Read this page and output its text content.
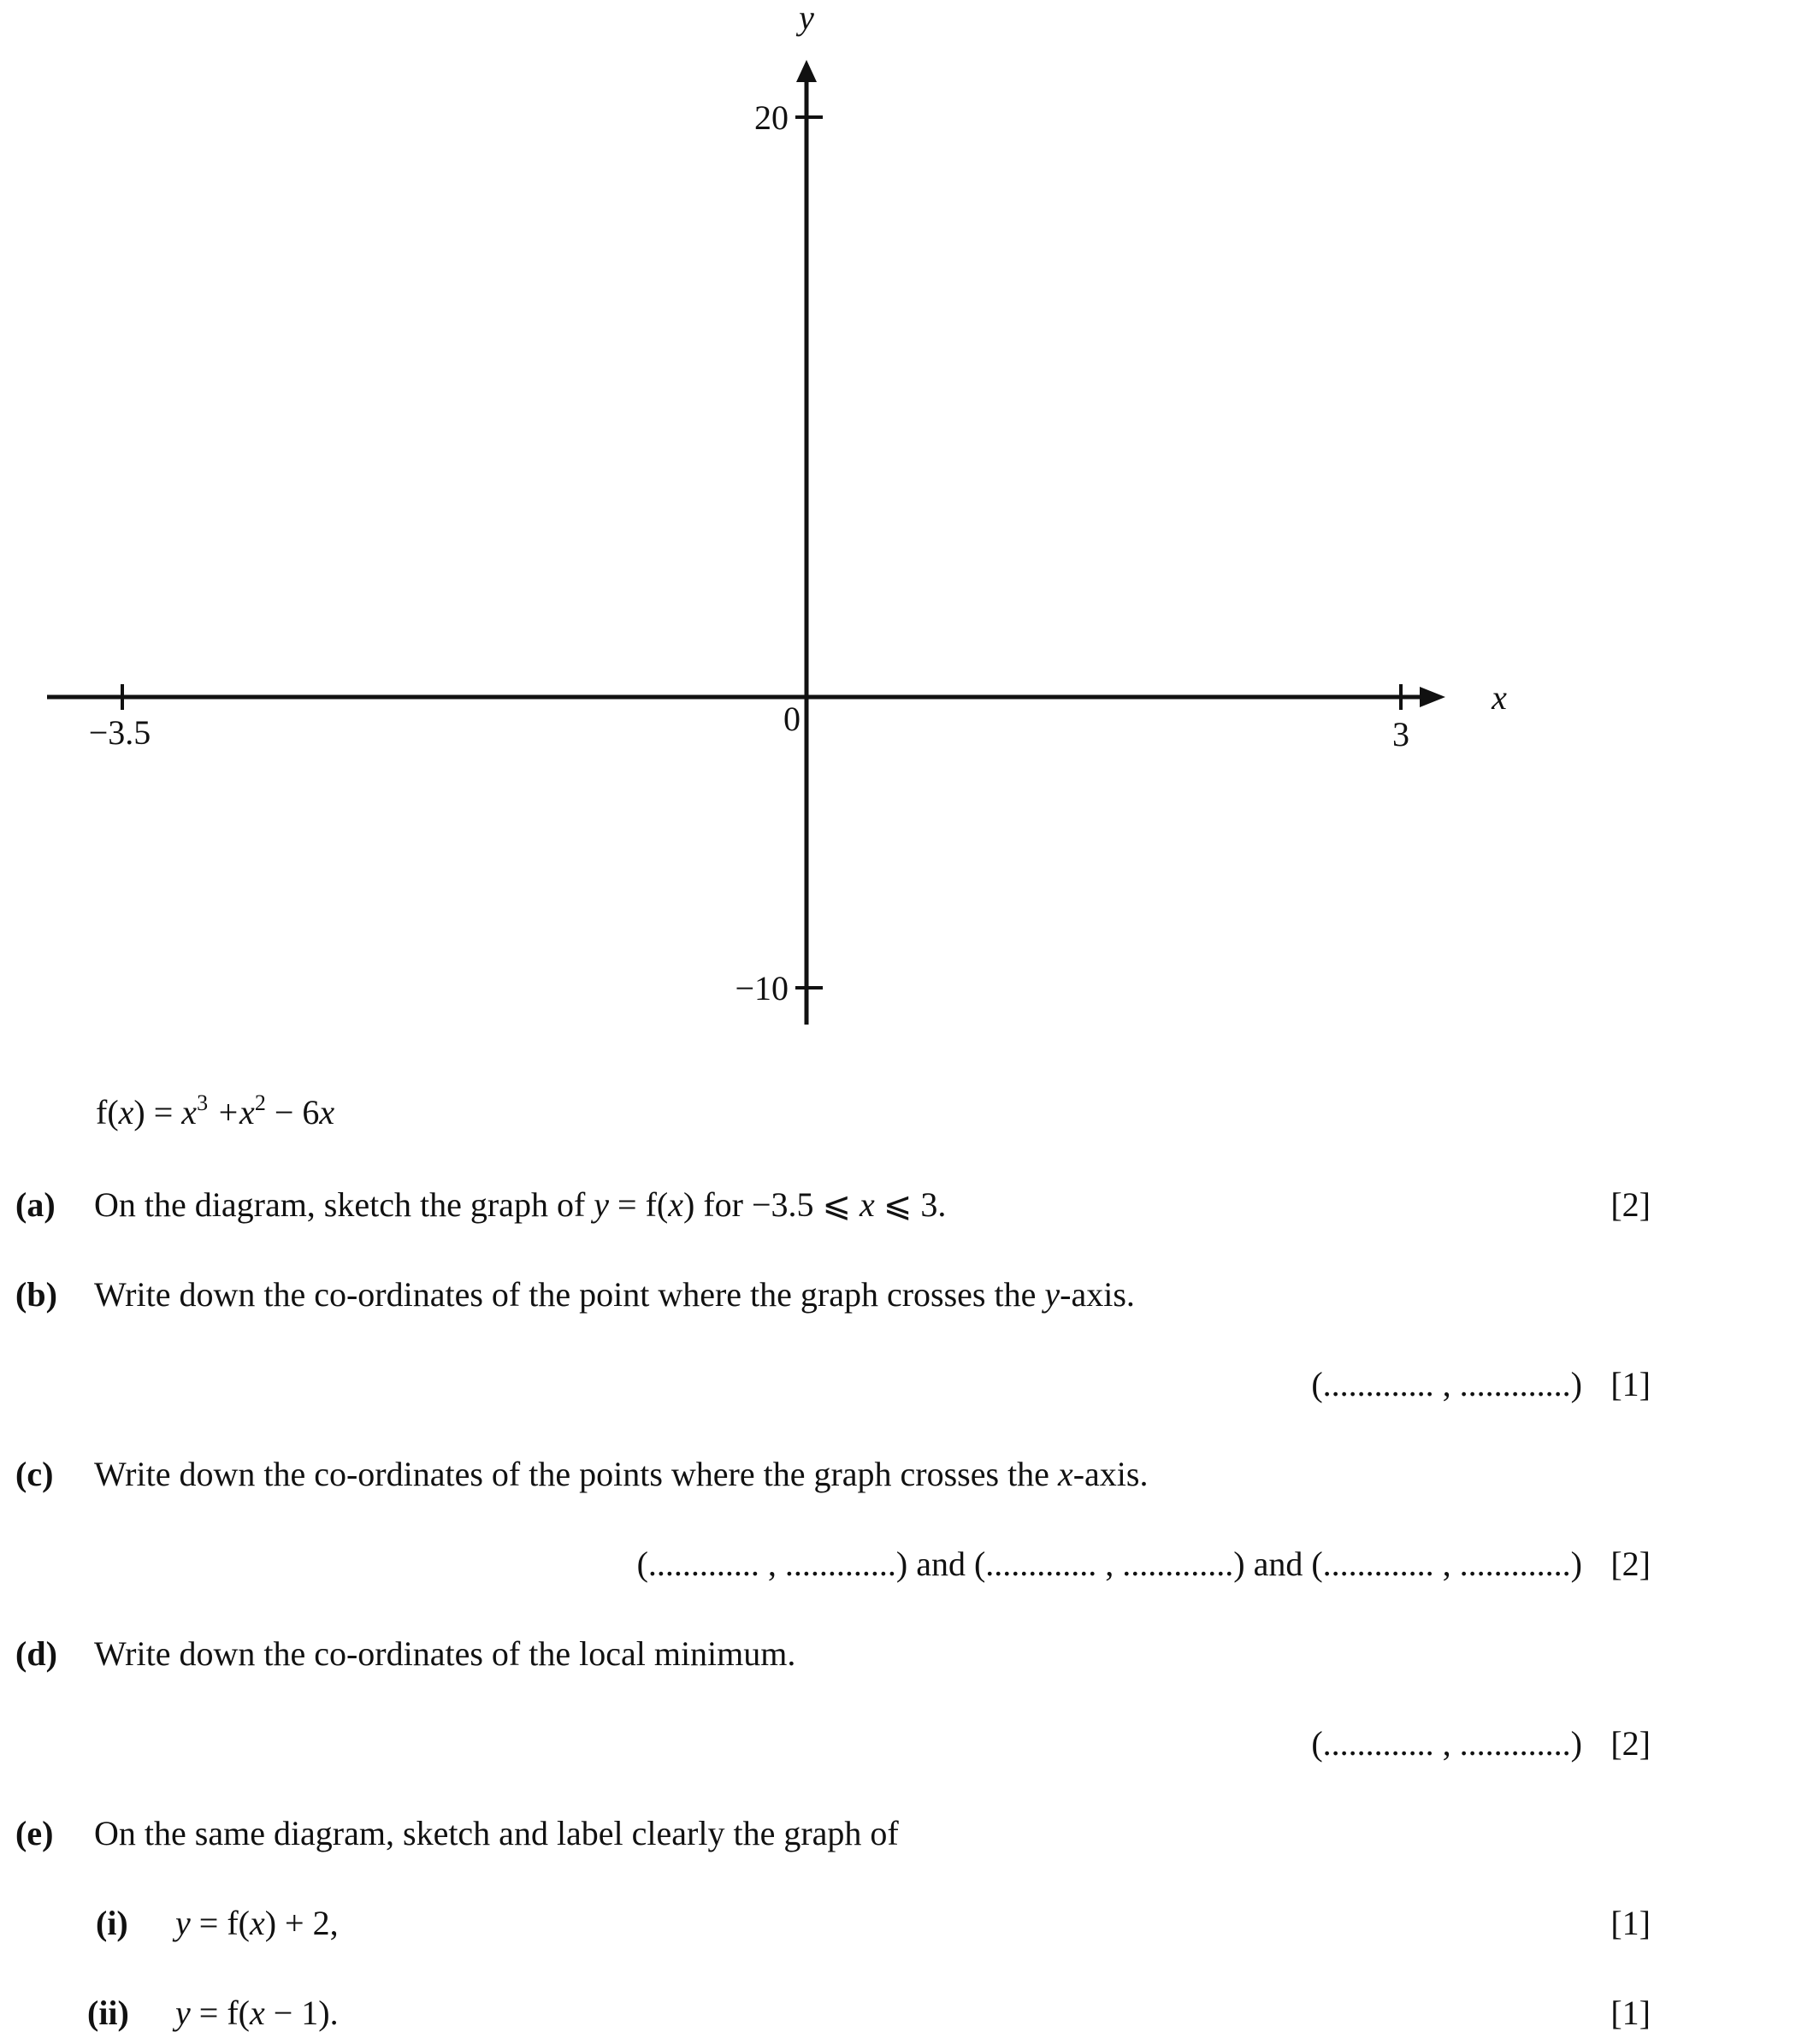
y
x
20
−10
−3.5	3
0
$f(x) = x^3 +x^2 - 6x$
(a) On the diagram, sketch the graph of y = f(x) for −3.5 ⩽ x ⩽ 3.	[2]
(b) Write down the co-ordinates of the point where the graph crosses the y-axis.
(............. , .............) [1]
(c) Write down the co-ordinates of the points where the graph crosses the x-axis.
(............. , .............) and (............. , .............) and (............. , .............) [2]
(d) Write down the co-ordinates of the local minimum.
(............. , .............) [2]
(e) On the same diagram, sketch and label clearly the graph of
(i) y = f(x) + 2,	[1]
(ii) y = f(x − 1).	[1]
